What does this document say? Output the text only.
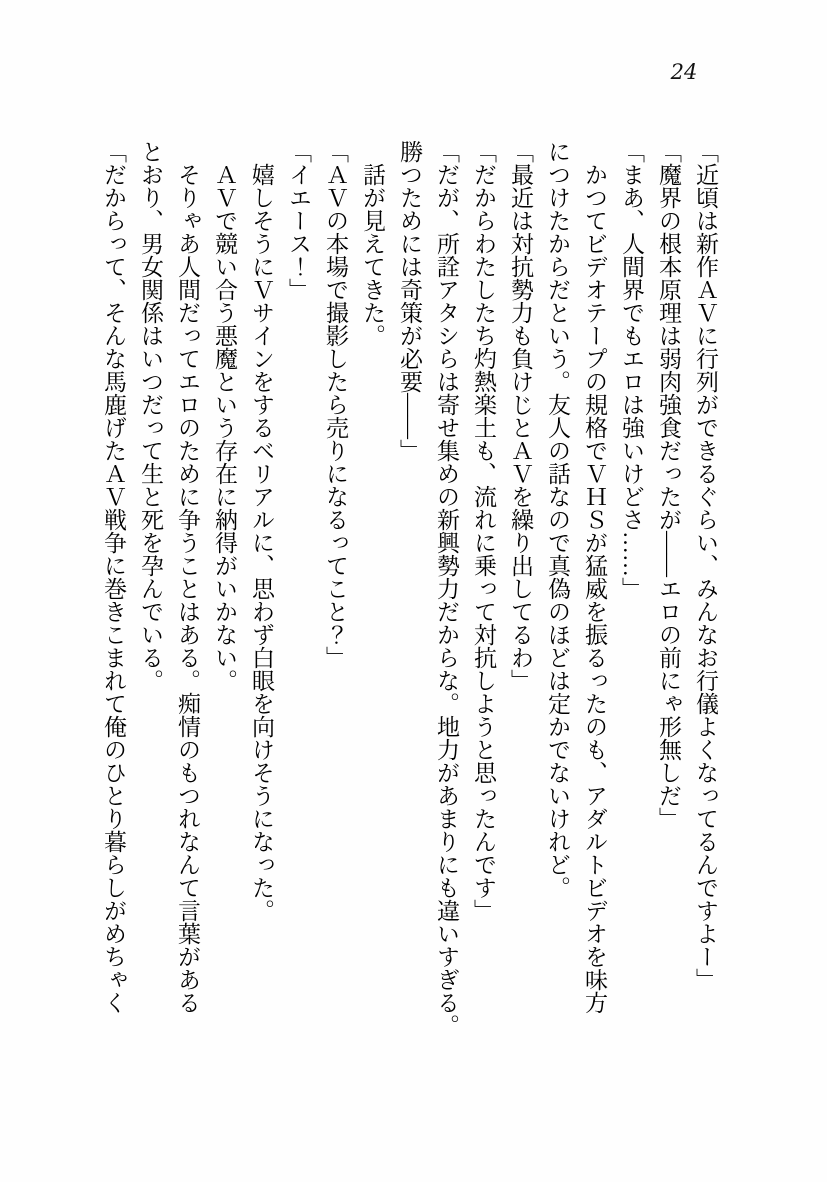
24

「近頃は新作ＡＶに行列ができるぐらい、みんなお行儀よくなってるんですよー」

「魔界の根本原理は弱肉強食だったが――エロの前にゃ形無しだ」

「まあ、人間界でもエロは強いけどさ……」

　かつてビデオテープの規格でＶＨＳが猛威を振るったのも、アダルトビデオを味方

につけたからだという。友人の話なので真偽のほどは定かでないけれど。

「最近は対抗勢力も負けじとＡＶを繰り出してるわ」

「だからわたしたち灼熱楽土も、流れに乗って対抗しようと思ったんです」

「だが、所詮アタシらは寄せ集めの新興勢力だからな。地力があまりにも違いすぎる。

勝つためには奇策が必要――」

　話が見えてきた。

「ＡＶの本場で撮影したら売りになるってこと？」

「イエース！」

　嬉しそうにＶサインをするベリアルに、思わず白眼を向けそうになった。

　ＡＶで競い合う悪魔という存在に納得がいかない。

　そりゃあ人間だってエロのために争うことはある。痴情のもつれなんて言葉がある

とおり、男女関係はいつだって生と死を孕んでいる。

「だからって、そんな馬鹿げたＡＶ戦争に巻きこまれて俺のひとり暮らしがめちゃく
